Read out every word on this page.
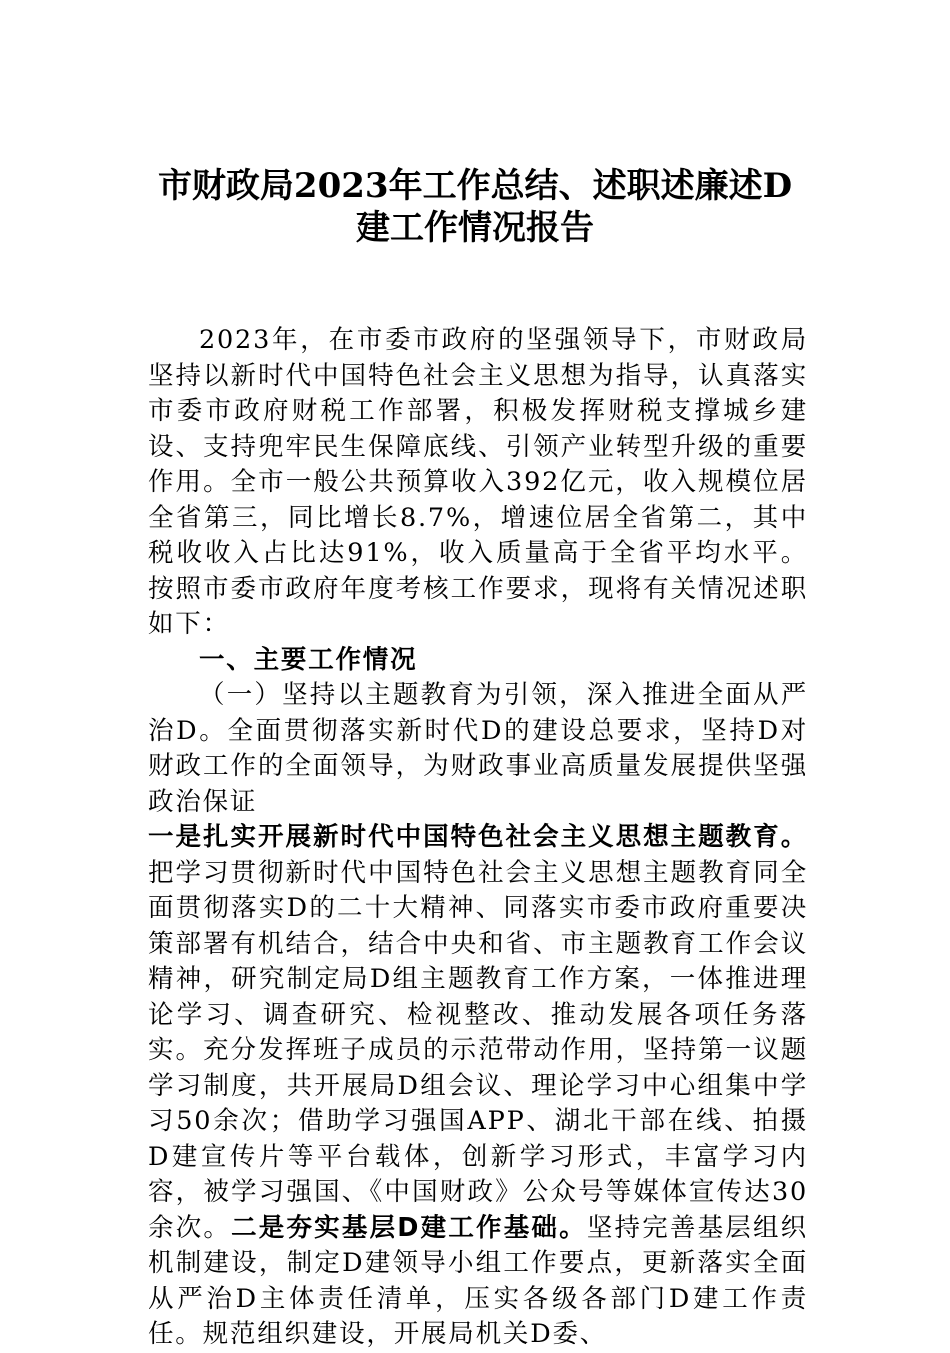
市财政局2023年工作总结、述职述廉述D
建工作情况报告

2023年，在市委市政府的坚强领导下，市财政局坚持以新时代中国特色社会主义思想为指导，认真落实市委市政府财税工作部署，积极发挥财税支撑城乡建设、支持兜牢民生保障底线、引领产业转型升级的重要作用。全市一般公共预算收入392亿元，收入规模位居全省第三，同比增长8.7%，增速位居全省第二，其中税收收入占比达91%，收入质量高于全省平均水平。按照市委市政府年度考核工作要求，现将有关情况述职如下：

一、主要工作情况

（一）坚持以主题教育为引领，深入推进全面从严治D。全面贯彻落实新时代D的建设总要求，坚持D对财政工作的全面领导，为财政事业高质量发展提供坚强政治保证

一是扎实开展新时代中国特色社会主义思想主题教育。把学习贯彻新时代中国特色社会主义思想主题教育同全面贯彻落实D的二十大精神、同落实市委市政府重要决策部署有机结合，结合中央和省、市主题教育工作会议精神，研究制定局D组主题教育工作方案，一体推进理论学习、调查研究、检视整改、推动发展各项任务落实。充分发挥班子成员的示范带动作用，坚持第一议题学习制度，共开展局D组会议、理论学习中心组集中学习50余次；借助学习强国APP、湖北干部在线、拍摄D建宣传片等平台载体，创新学习形式，丰富学习内容，被学习强国、《中国财政》公众号等媒体宣传达30余次。二是夯实基层D建工作基础。坚持完善基层组织机制建设，制定D建领导小组工作要点，更新落实全面从严治D主体责任清单，压实各级各部门D建工作责任。规范组织建设，开展局机关D委、
